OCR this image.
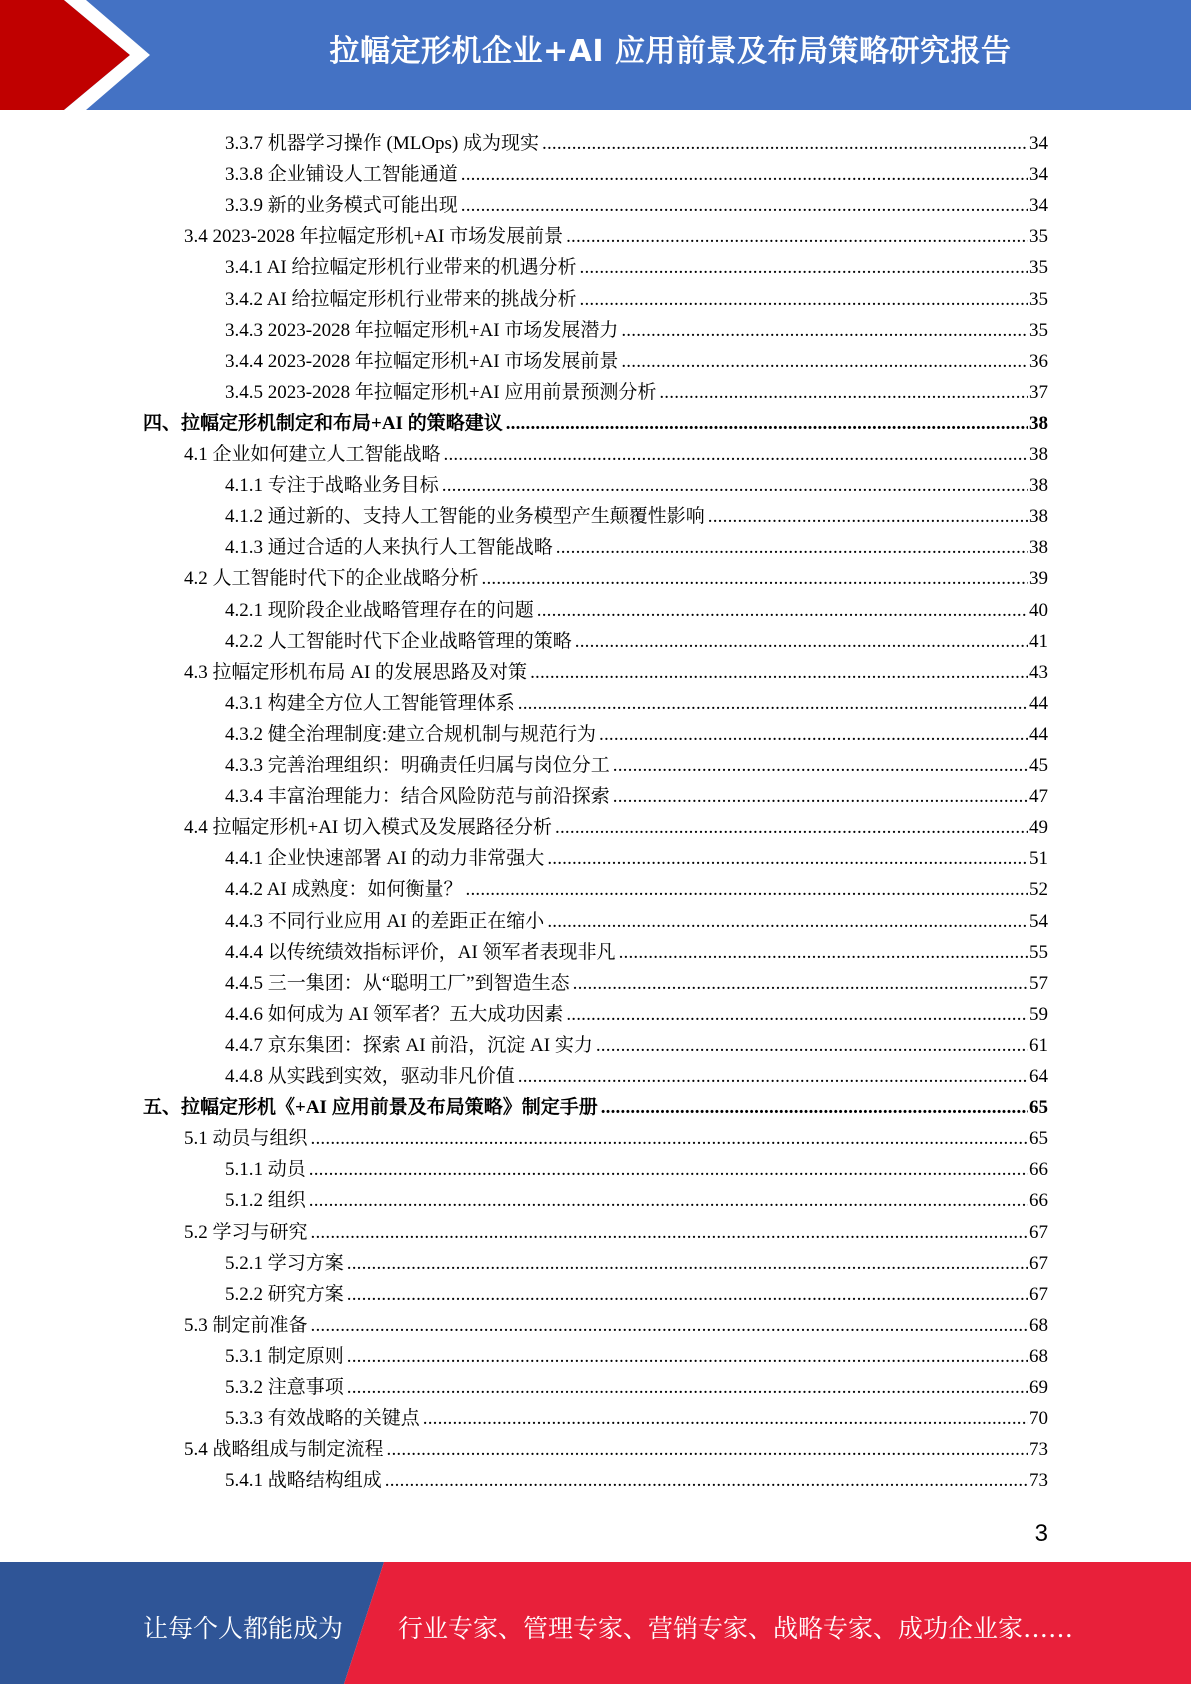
拉幅定形机企业+AI 应用前景及布局策略研究报告
3.3.7 机器学习操作 (MLOps) 成为现实 .....	34
3.3.8 企业铺设人工智能通道 .....	34
3.3.9 新的业务模式可能出现 .....	34
3.4 2023-2028 年拉幅定形机+AI 市场发展前景 .....	35
3.4.1 AI 给拉幅定形机行业带来的机遇分析 .....	35
3.4.2 AI 给拉幅定形机行业带来的挑战分析 .....	35
3.4.3 2023-2028 年拉幅定形机+AI 市场发展潜力 .....	35
3.4.4 2023-2028 年拉幅定形机+AI 市场发展前景 .....	36
3.4.5 2023-2028 年拉幅定形机+AI 应用前景预测分析 .....	37
四、拉幅定形机制定和布局+AI 的策略建议 .....	38
4.1 企业如何建立人工智能战略 .....	38
4.1.1 专注于战略业务目标 .....	38
4.1.2 通过新的、支持人工智能的业务模型产生颠覆性影响 .....	38
4.1.3 通过合适的人来执行人工智能战略 .....	38
4.2 人工智能时代下的企业战略分析 .....	39
4.2.1 现阶段企业战略管理存在的问题 .....	40
4.2.2 人工智能时代下企业战略管理的策略 .....	41
4.3 拉幅定形机布局 AI 的发展思路及对策 .....	43
4.3.1 构建全方位人工智能管理体系 .....	44
4.3.2 健全治理制度:建立合规机制与规范行为 .....	44
4.3.3 完善治理组织：明确责任归属与岗位分工 .....	45
4.3.4 丰富治理能力：结合风险防范与前沿探索 .....	47
4.4 拉幅定形机+AI 切入模式及发展路径分析 .....	49
4.4.1 企业快速部署 AI 的动力非常强大 .....	51
4.4.2 AI 成熟度：如何衡量？ .....	52
4.4.3 不同行业应用 AI 的差距正在缩小 .....	54
4.4.4 以传统绩效指标评价，AI 领军者表现非凡 .....	55
4.4.5 三一集团：从“聪明工厂”到智造生态 .....	57
4.4.6 如何成为 AI 领军者？五大成功因素 .....	59
4.4.7 京东集团：探索 AI 前沿，沉淀 AI 实力 .....	61
4.4.8 从实践到实效，驱动非凡价值 .....	64
五、拉幅定形机《+AI 应用前景及布局策略》制定手册 .....	65
5.1 动员与组织 .....	65
5.1.1 动员 .....	66
5.1.2 组织 .....	66
5.2 学习与研究 .....	67
5.2.1 学习方案 .....	67
5.2.2 研究方案 .....	67
5.3 制定前准备 .....	68
5.3.1 制定原则 .....	68
5.3.2 注意事项 .....	69
5.3.3 有效战略的关键点 .....	70
5.4 战略组成与制定流程 .....	73
5.4.1 战略结构组成 .....	73
3
让每个人都能成为 行业专家、管理专家、营销专家、战略专家、成功企业家……
